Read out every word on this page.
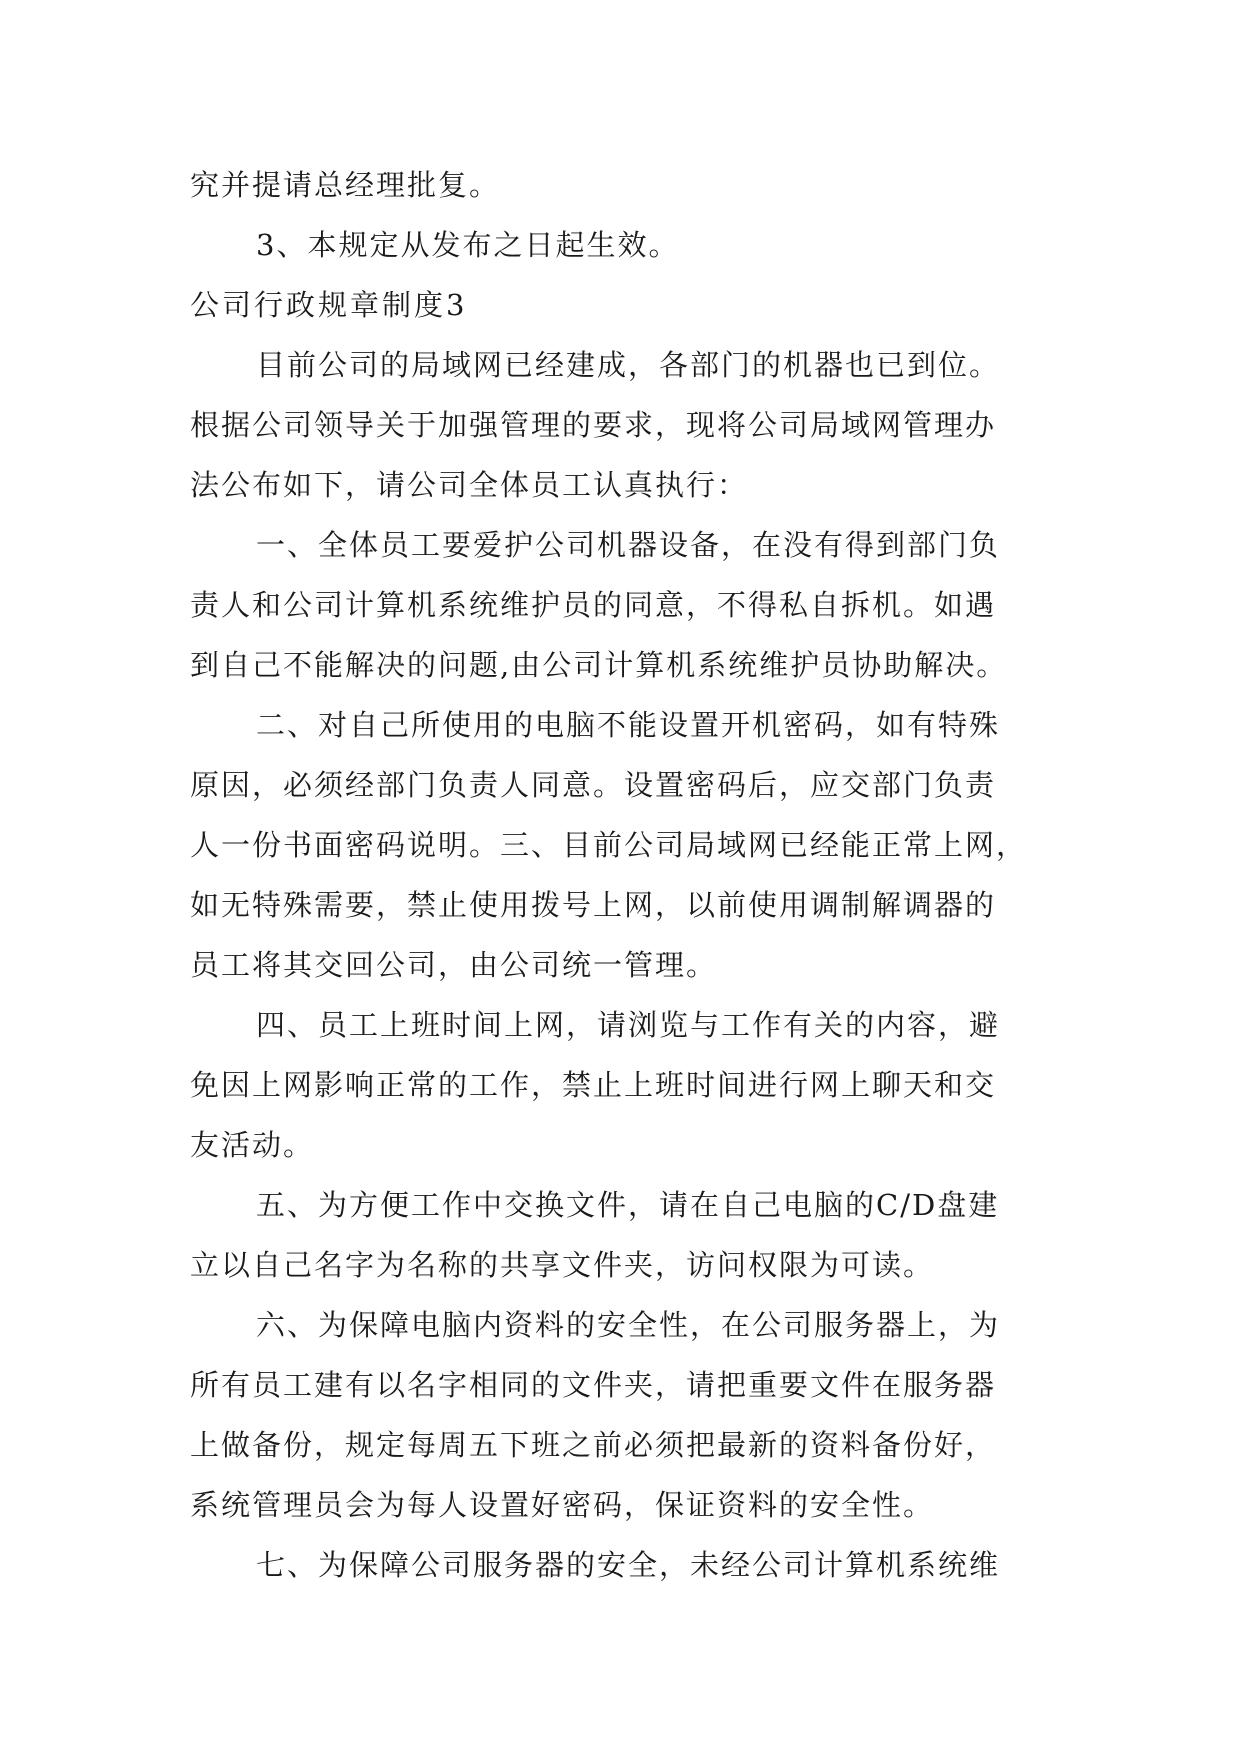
究并提请总经理批复。
3、本规定从发布之日起生效。
公司行政规章制度3
目前公司的局域网已经建成，各部门的机器也已到位。
根据公司领导关于加强管理的要求，现将公司局域网管理办
法公布如下，请公司全体员工认真执行：
一、全体员工要爱护公司机器设备，在没有得到部门负
责人和公司计算机系统维护员的同意，不得私自拆机。如遇
到自己不能解决的问题,由公司计算机系统维护员协助解决。
二、对自己所使用的电脑不能设置开机密码，如有特殊
原因，必须经部门负责人同意。设置密码后，应交部门负责
人一份书面密码说明。三、目前公司局域网已经能正常上网，
如无特殊需要，禁止使用拨号上网，以前使用调制解调器的
员工将其交回公司，由公司统一管理。
四、员工上班时间上网，请浏览与工作有关的内容，避
免因上网影响正常的工作，禁止上班时间进行网上聊天和交
友活动。
五、为方便工作中交换文件，请在自己电脑的C/D盘建
立以自己名字为名称的共享文件夹，访问权限为可读。
六、为保障电脑内资料的安全性，在公司服务器上，为
所有员工建有以名字相同的文件夹，请把重要文件在服务器
上做备份，规定每周五下班之前必须把最新的资料备份好，
系统管理员会为每人设置好密码，保证资料的安全性。
七、为保障公司服务器的安全，未经公司计算机系统维
